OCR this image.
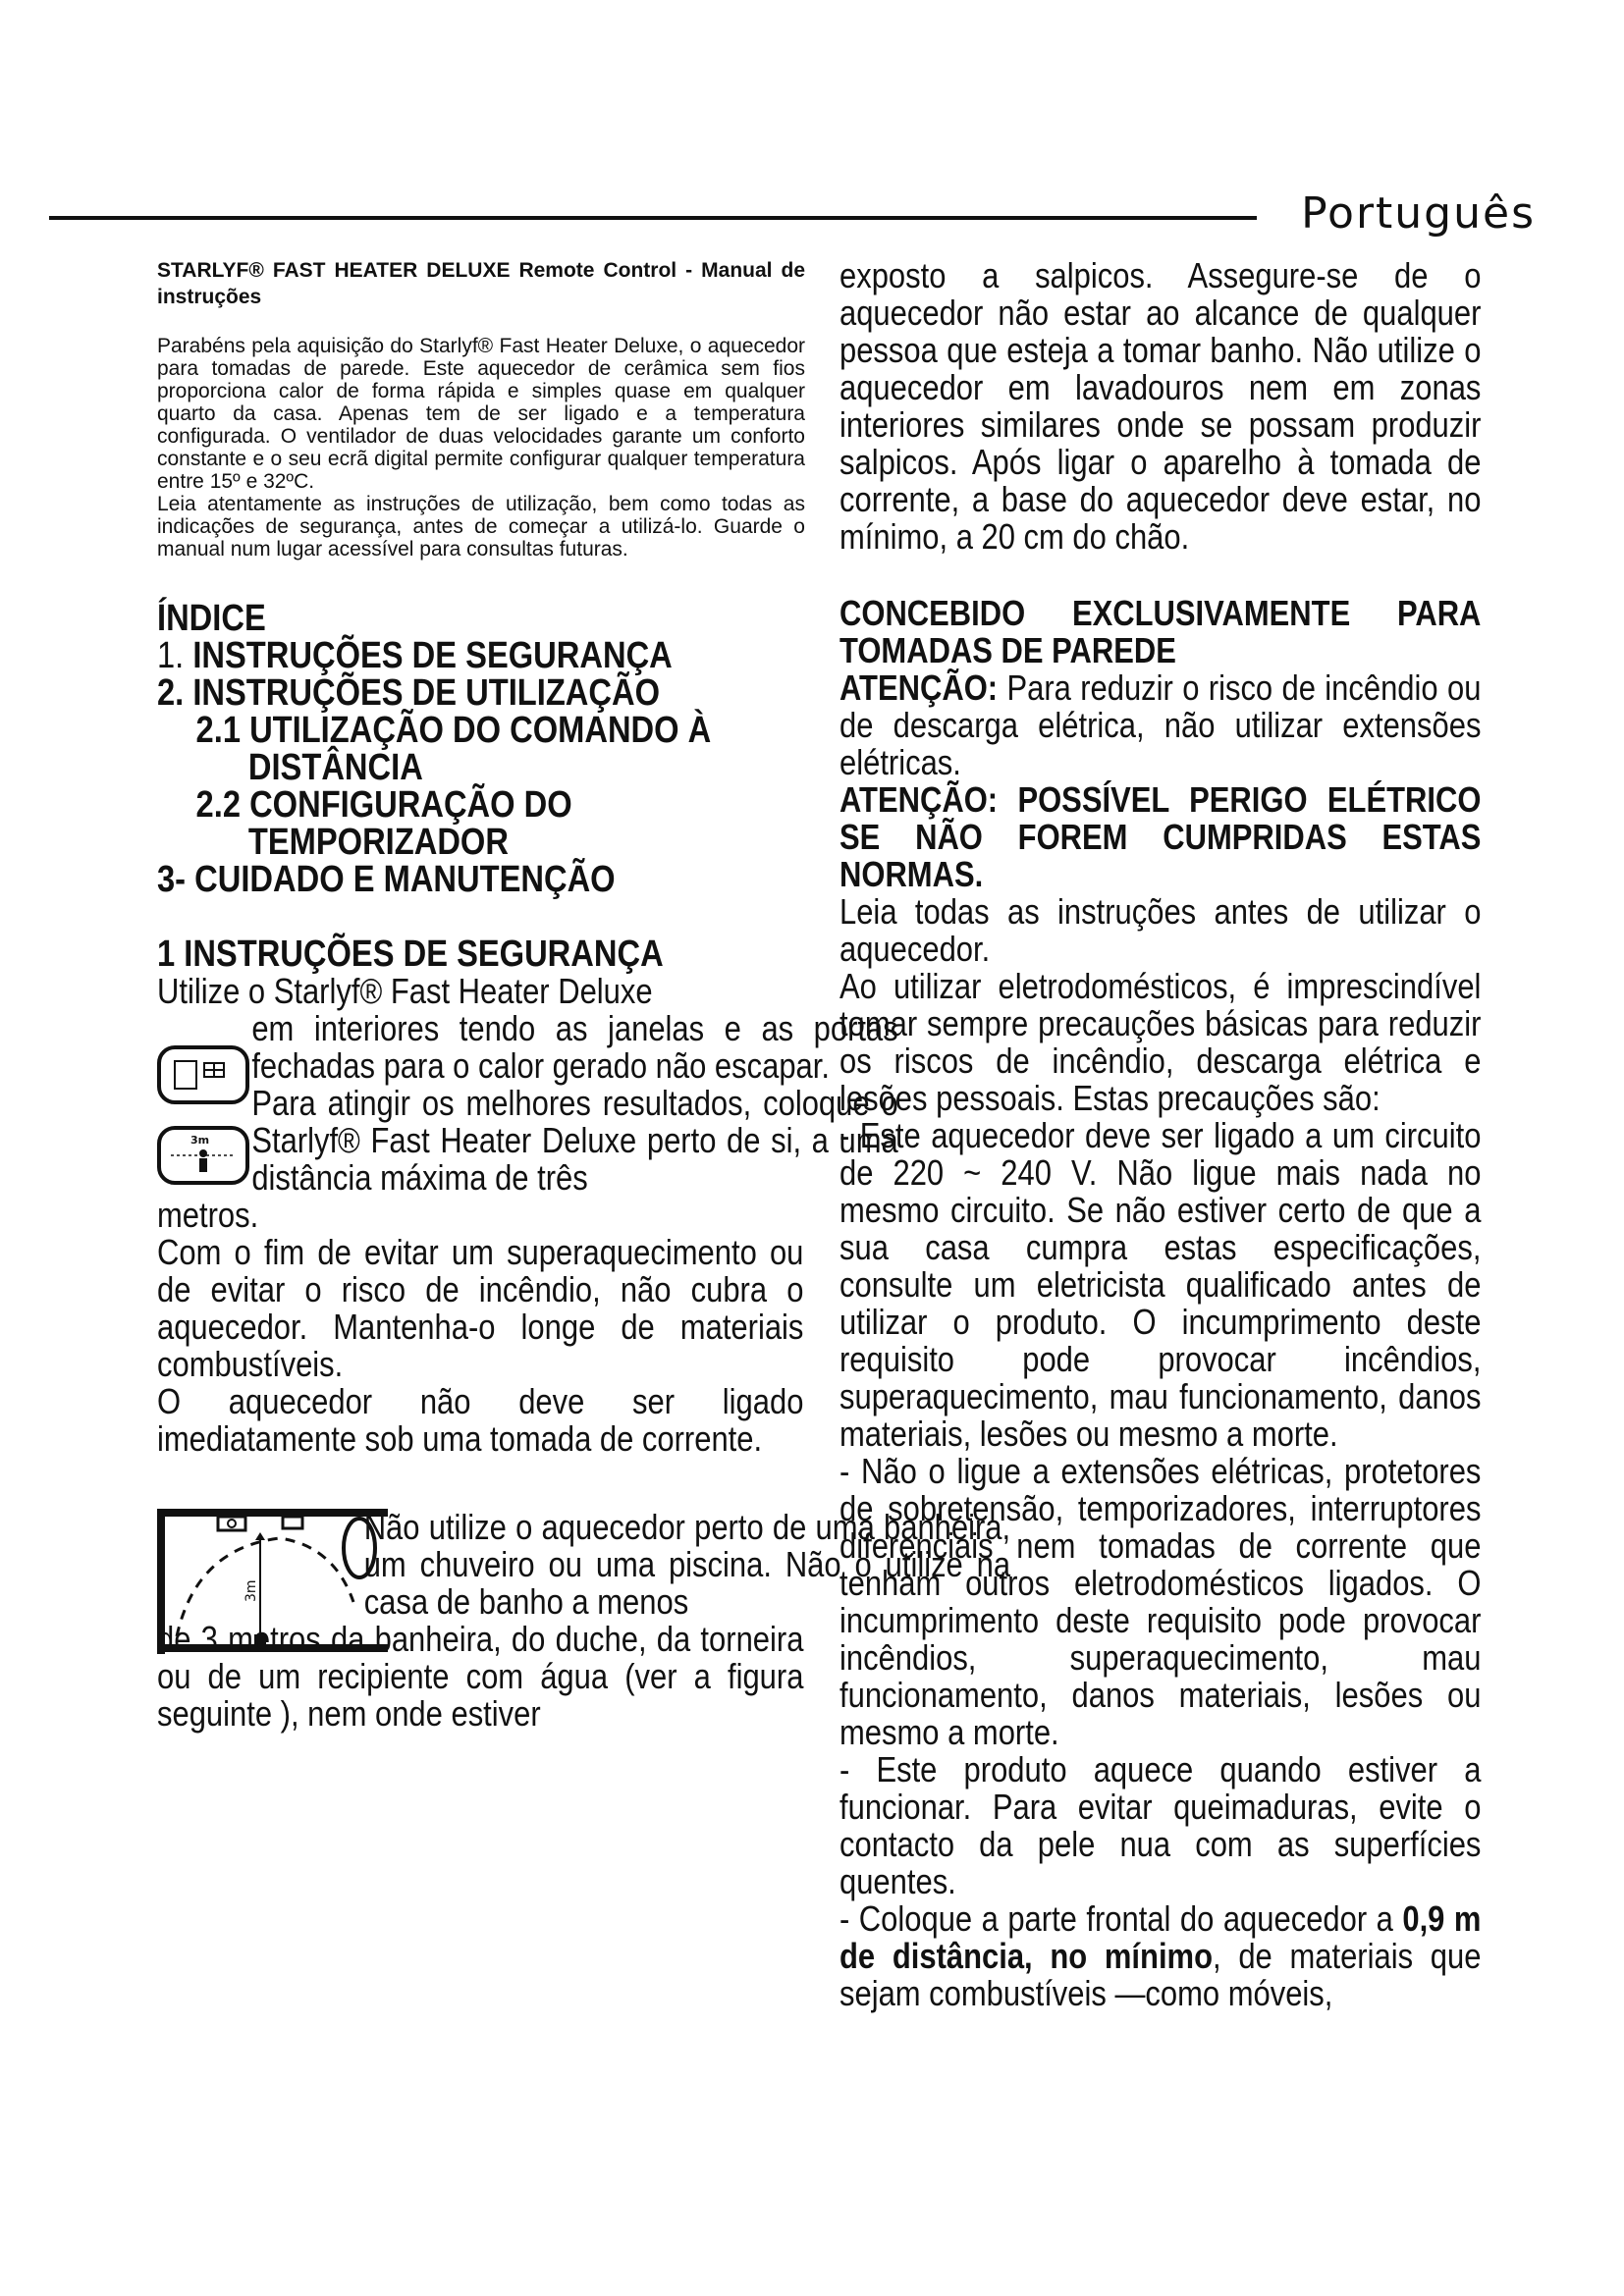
Português

STARLYF® FAST HEATER DELUXE Remote Control - Manual de instruções

Parabéns pela aquisição do Starlyf® Fast Heater Deluxe, o aquecedor para tomadas de parede. Este aquecedor de cerâmica sem fios proporciona calor de forma rápida e simples quase em qualquer quarto da casa. Apenas tem de ser ligado e a temperatura configurada. O ventilador de duas velocidades garante um conforto constante e o seu ecrã digital permite configurar qualquer temperatura entre 15º e 32ºC.

Leia atentamente as instruções de utilização, bem como todas as indicações de segurança, antes de começar a utilizá-lo. Guarde o manual num lugar acessível para consultas futuras.

ÍNDICE
1. INSTRUÇÕES DE SEGURANÇA
2. INSTRUÇÕES DE UTILIZAÇÃO
2.1 UTILIZAÇÃO DO COMANDO À
DISTÂNCIA
2.2 CONFIGURAÇÃO DO
TEMPORIZADOR
3- CUIDADO E MANUTENÇÃO
1 INSTRUÇÕES DE SEGURANÇA

Utilize o Starlyf® Fast Heater Deluxe

em interiores tendo as janelas e as portas fechadas para o calor gerado não escapar.

3m

Para atingir os melhores resultados, coloque o Starlyf® Fast Heater Deluxe perto de si, a uma distância máxima de três

metros.

Com o fim de evitar um superaquecimento ou de evitar o risco de incêndio, não cubra o aquecedor. Mantenha-o longe de materiais combustíveis.

O aquecedor não deve ser ligado imediatamente sob uma tomada de corrente.

3m

Não utilize o aquecedor perto de uma banheira, um chuveiro ou uma piscina. Não o utilize na casa de banho a menos

de 3 metros da banheira, do duche, da torneira ou de um recipiente com água (ver a figura seguinte ), nem onde estiver

exposto a salpicos. Assegure-se de o aquecedor não estar ao alcance de qualquer pessoa que esteja a tomar banho. Não utilize o aquecedor em lavadouros nem em zonas interiores similares onde se possam produzir salpicos. Após ligar o aparelho à tomada de corrente, a base do aquecedor deve estar, no mínimo, a 20 cm do chão.

CONCEBIDO EXCLUSIVAMENTE PARA TOMADAS DE PAREDE

ATENÇÃO: Para reduzir o risco de incêndio ou de descarga elétrica, não utilizar extensões elétricas.

ATENÇÃO: POSSÍVEL PERIGO ELÉTRICO SE NÃO FOREM CUMPRIDAS ESTAS NORMAS.

Leia todas as instruções antes de utilizar o aquecedor.

Ao utilizar eletrodomésticos, é imprescindível tomar sempre precauções básicas para reduzir os riscos de incêndio, descarga elétrica e lesões pessoais. Estas precauções são:

- Este aquecedor deve ser ligado a um circuito de 220 ~ 240 V. Não ligue mais nada no mesmo circuito. Se não estiver certo de que a sua casa cumpra estas especificações, consulte um eletricista qualificado antes de utilizar o produto. O incumprimento deste requisito pode provocar incêndios, superaquecimento, mau funcionamento, danos materiais, lesões ou mesmo a morte.

- Não o ligue a extensões elétricas, protetores de sobretensão, temporizadores, interruptores diferenciais nem tomadas de corrente que tenham outros eletrodomésticos ligados. O incumprimento deste requisito pode provocar incêndios, superaquecimento, mau funcionamento, danos materiais, lesões ou mesmo a morte.

- Este produto aquece quando estiver a funcionar. Para evitar queimaduras, evite o contacto da pele nua com as superfícies quentes.

- Coloque a parte frontal do aquecedor a 0,9 m de distância, no mínimo, de materiais que sejam combustíveis —como móveis,
